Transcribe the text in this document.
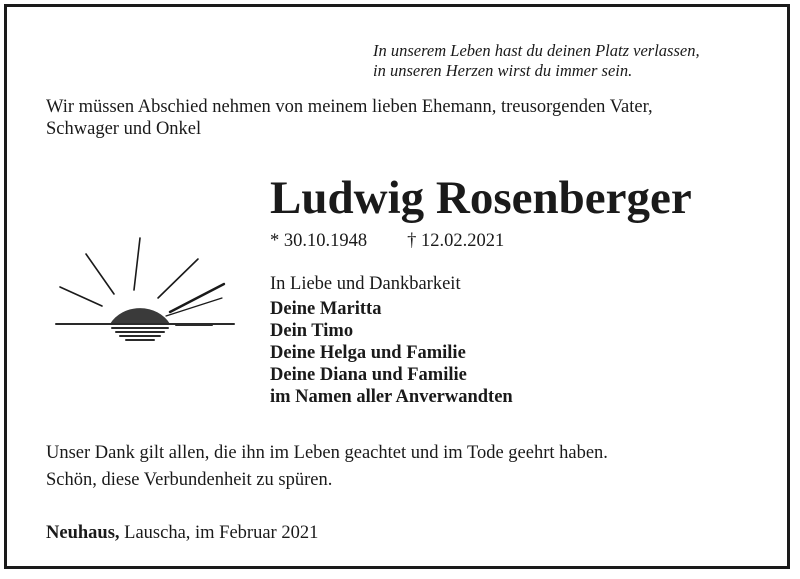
In unserem Leben hast du deinen Platz verlassen,

in unseren Herzen wirst du immer sein.

Wir müssen Abschied nehmen von meinem lieben Ehemann, treusorgenden Vater,

Schwager und Onkel

Ludwig Rosenberger
* 30.10.1948 † 12.02.2021
In Liebe und Dankbarkeit
Deine Maritta
Dein Timo
Deine Helga und Familie
Deine Diana und Familie
im Namen aller Anverwandten

Unser Dank gilt allen, die ihn im Leben geachtet und im Tode geehrt haben.

Schön, diese Verbundenheit zu spüren.

Neuhaus, Lauscha, im Februar 2021
